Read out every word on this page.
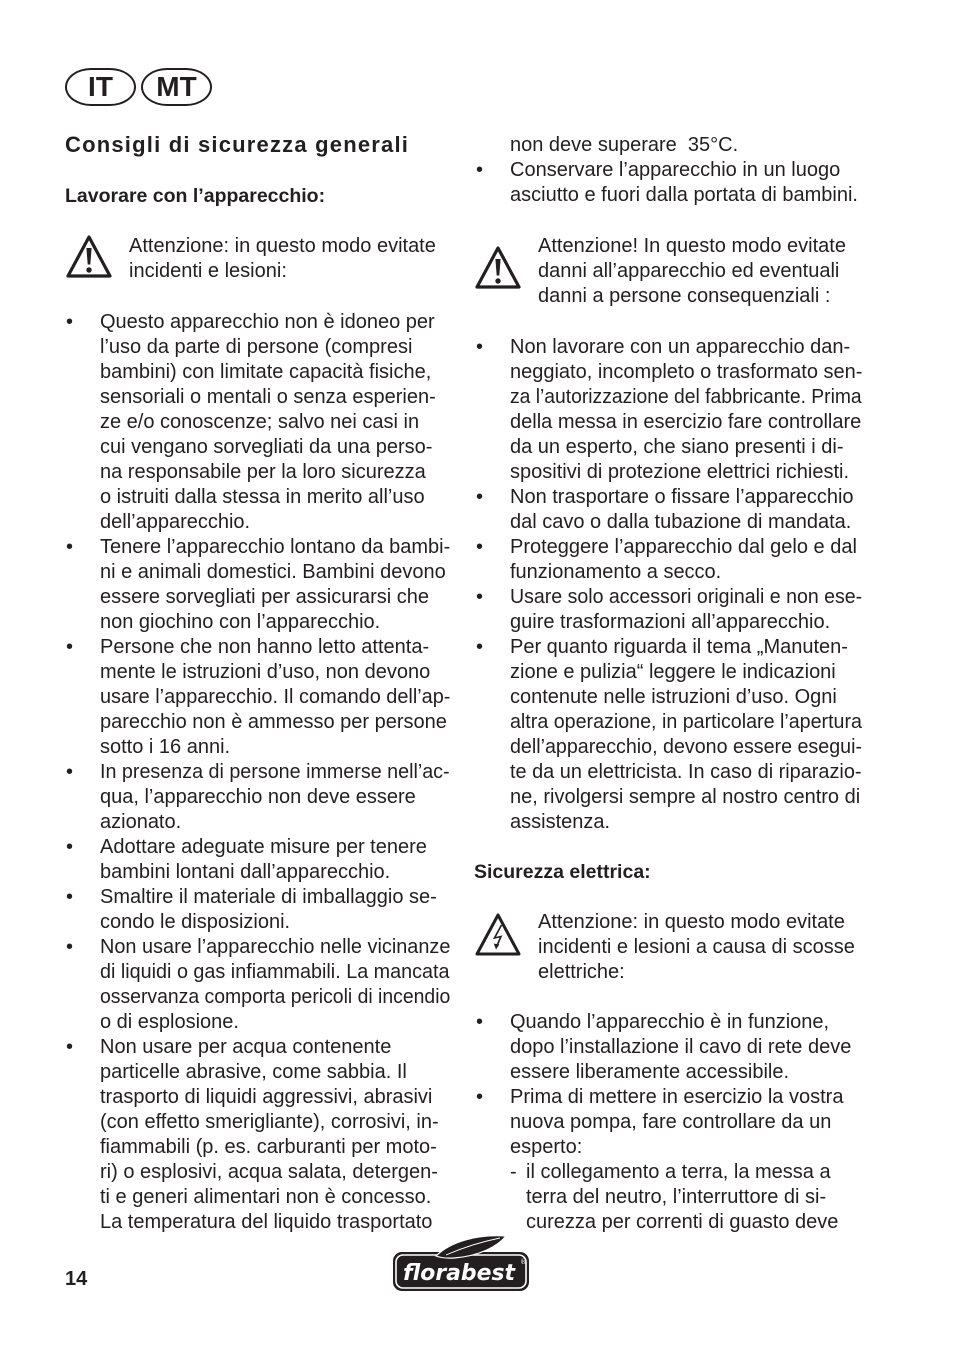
IT	MT
Consigli di sicurezza generali
Lavorare con l’apparecchio:
Attenzione: in questo modo evitate
incidenti e lesioni:
• Questo apparecchio non è idoneo per
l’uso da parte di persone (compresi
bambini) con limitate capacità fisiche,
sensoriali o mentali o senza esperien-
ze e/o conoscenze; salvo nei casi in
cui vengano sorvegliati da una perso-
na responsabile per la loro sicurezza
o istruiti dalla stessa in merito all’uso
dell’apparecchio.
• Tenere l’apparecchio lontano da bambi-
ni e animali domestici. Bambini devono
essere sorvegliati per assicurarsi che
non giochino con l’apparecchio.
• Persone che non hanno letto attenta-
mente le istruzioni d’uso, non devono
usare l’apparecchio. Il comando dell’ap-
parecchio non è ammesso per persone
sotto i 16 anni.
• In presenza di persone immerse nell’ac-
qua, l’apparecchio non deve essere
azionato.
• Adottare adeguate misure per tenere
bambini lontani dall’apparecchio.
• Smaltire il materiale di imballaggio se-
condo le disposizioni.
• Non usare l’apparecchio nelle vicinanze
di liquidi o gas infiammabili. La mancata
osservanza comporta pericoli di incendio
o di esplosione.
• Non usare per acqua contenente
particelle abrasive, come sabbia. Il
trasporto di liquidi aggressivi, abrasivi
(con effetto smerigliante), corrosivi, in-
fiammabili (p. es. carburanti per moto-
ri) o esplosivi, acqua salata, detergen-
ti e generi alimentari non è concesso.
La temperatura del liquido trasportato
non deve superare  35°C.
• Conservare l’apparecchio in un luogo
asciutto e fuori dalla portata di bambini.
Attenzione! In questo modo evitate
danni all’apparecchio ed eventuali
danni a persone consequenziali :
• Non lavorare con un apparecchio dan-
neggiato, incompleto o trasformato sen-
za l’autorizzazione del fabbricante. Prima
della messa in esercizio fare controllare
da un esperto, che siano presenti i di-
spositivi di protezione elettrici richiesti.
• Non trasportare o fissare l’apparecchio
dal cavo o dalla tubazione di mandata.
• Proteggere l’apparecchio dal gelo e dal
funzionamento a secco.
• Usare solo accessori originali e non ese-
guire trasformazioni all’apparecchio.
• Per quanto riguarda il tema „Manuten-
zione e pulizia“ leggere le indicazioni
contenute nelle istruzioni d’uso. Ogni
altra operazione, in particolare l’apertura
dell’apparecchio, devono essere esegui-
te da un elettricista. In caso di riparazio-
ne, rivolgersi sempre al nostro centro di
assistenza.
Sicurezza elettrica:
Attenzione: in questo modo evitate
incidenti e lesioni a causa di scosse
elettriche:
• Quando l’apparecchio è in funzione,
dopo l’installazione il cavo di rete deve
essere liberamente accessibile.
• Prima di mettere in esercizio la vostra
nuova pompa, fare controllare da un
esperto:
- il collegamento a terra, la messa a
terra del neutro, l’interruttore di si-
curezza per correnti di guasto deve
14	florabest ®
